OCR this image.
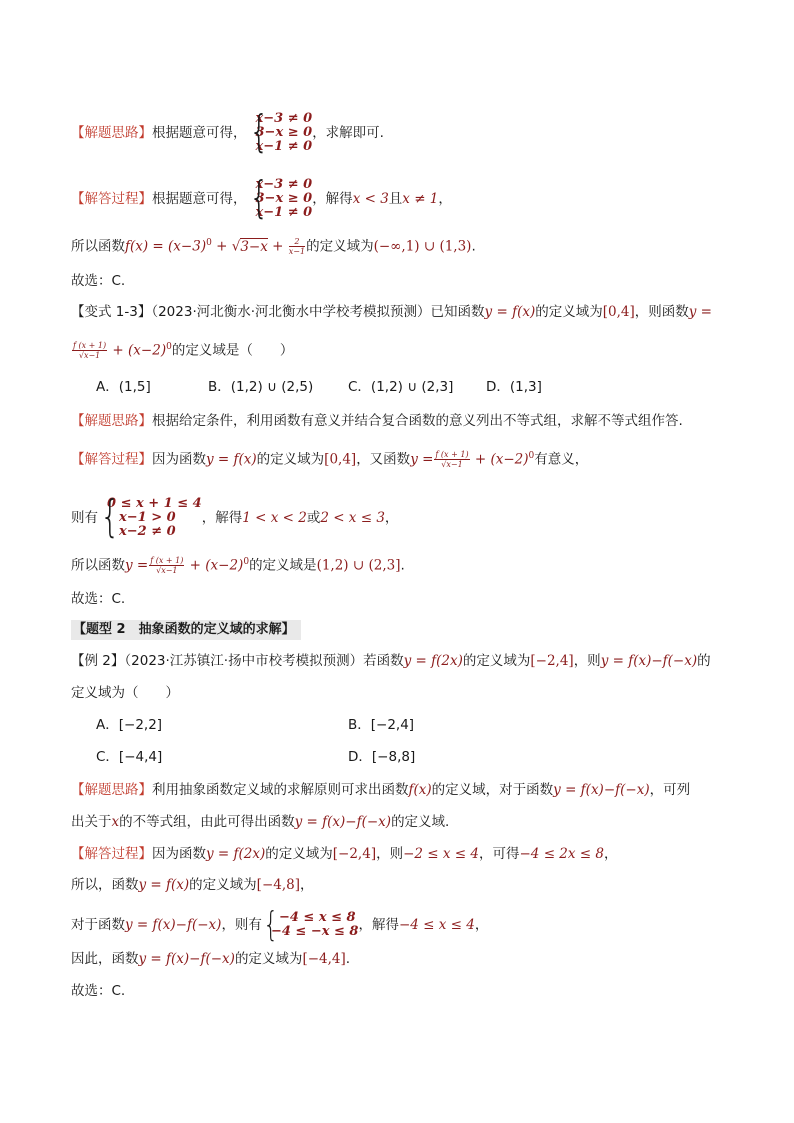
【解题思路】根据题意可得，
{ x−3 ≠ 0
3−x ≥ 0
x−1 ≠ 0
，求解即可.
【解答过程】根据题意可得，
{ x−3 ≠ 0
3−x ≥ 0
x−1 ≠ 0
，解得x < 3且x ≠ 1，
所以函数$f(x) = (x-3)^0 + √3-x + \frac{2}{x-1}$ 的定义域为(−∞,1) ∪ (1,3).
故选：C.
【变式 1-3】（2023·河北衡水·河北衡水中学校考模拟预测）已知函数y = f(x)的定义域为[0,4]，则函数y =
$\frac{f (x + 1)}{√x-1} + (x-2)^0$的定义域是（　　）
A．(1,5]	B．(1,2) ∪ (2,5)	C．(1,2) ∪ (2,3] D．(1,3]
【解题思路】根据给定条件，利用函数有意义并结合复合函数的意义列出不等式组，求解不等式组作答.
【解答过程】因为函数y = f(x)的定义域为[0,4]，又函数$y = \frac{f (x + 1)}{√x-1} + (x-2)^0$有意义，
则有
{ 0 ≤ x + 1 ≤ 4
x−1 > 0
x−2 ≠ 0
，解得1 < x < 2或2 < x ≤ 3，
所以函数$y = \frac{f (x + 1)}{√x-1} + (x-2)^0$的定义域是(1,2) ∪ (2,3].
故选：C.
【题型 2　抽象函数的定义域的求解】
【例 2】（2023·江苏镇江·扬中市校考模拟预测）若函数y = f(2x)的定义域为[−2,4]，则y = f(x)−f(−x)的
定义域为（　　）
A．[−2,2]	B．[−2,4]
C．[−4,4]	D．[−8,8]
【解题思路】利用抽象函数定义域的求解原则可求出函数f(x)的定义域，对于函数y = f(x)−f(−x)，可列
出关于x的不等式组，由此可得出函数y = f(x)−f(−x)的定义域.
【解答过程】因为函数y = f(2x)的定义域为[−2,4]，则−2 ≤ x ≤ 4，可得−4 ≤ 2x ≤ 8，
所以，函数y = f(x)的定义域为[−4,8]，
对于函数y = f(x)−f(−x)，则有
{	−4 ≤ x ≤ 8
−4 ≤ −x ≤ 8 ，解得−4 ≤ x ≤ 4，
因此，函数y = f(x)−f(−x)的定义域为[−4,4].
故选：C.
